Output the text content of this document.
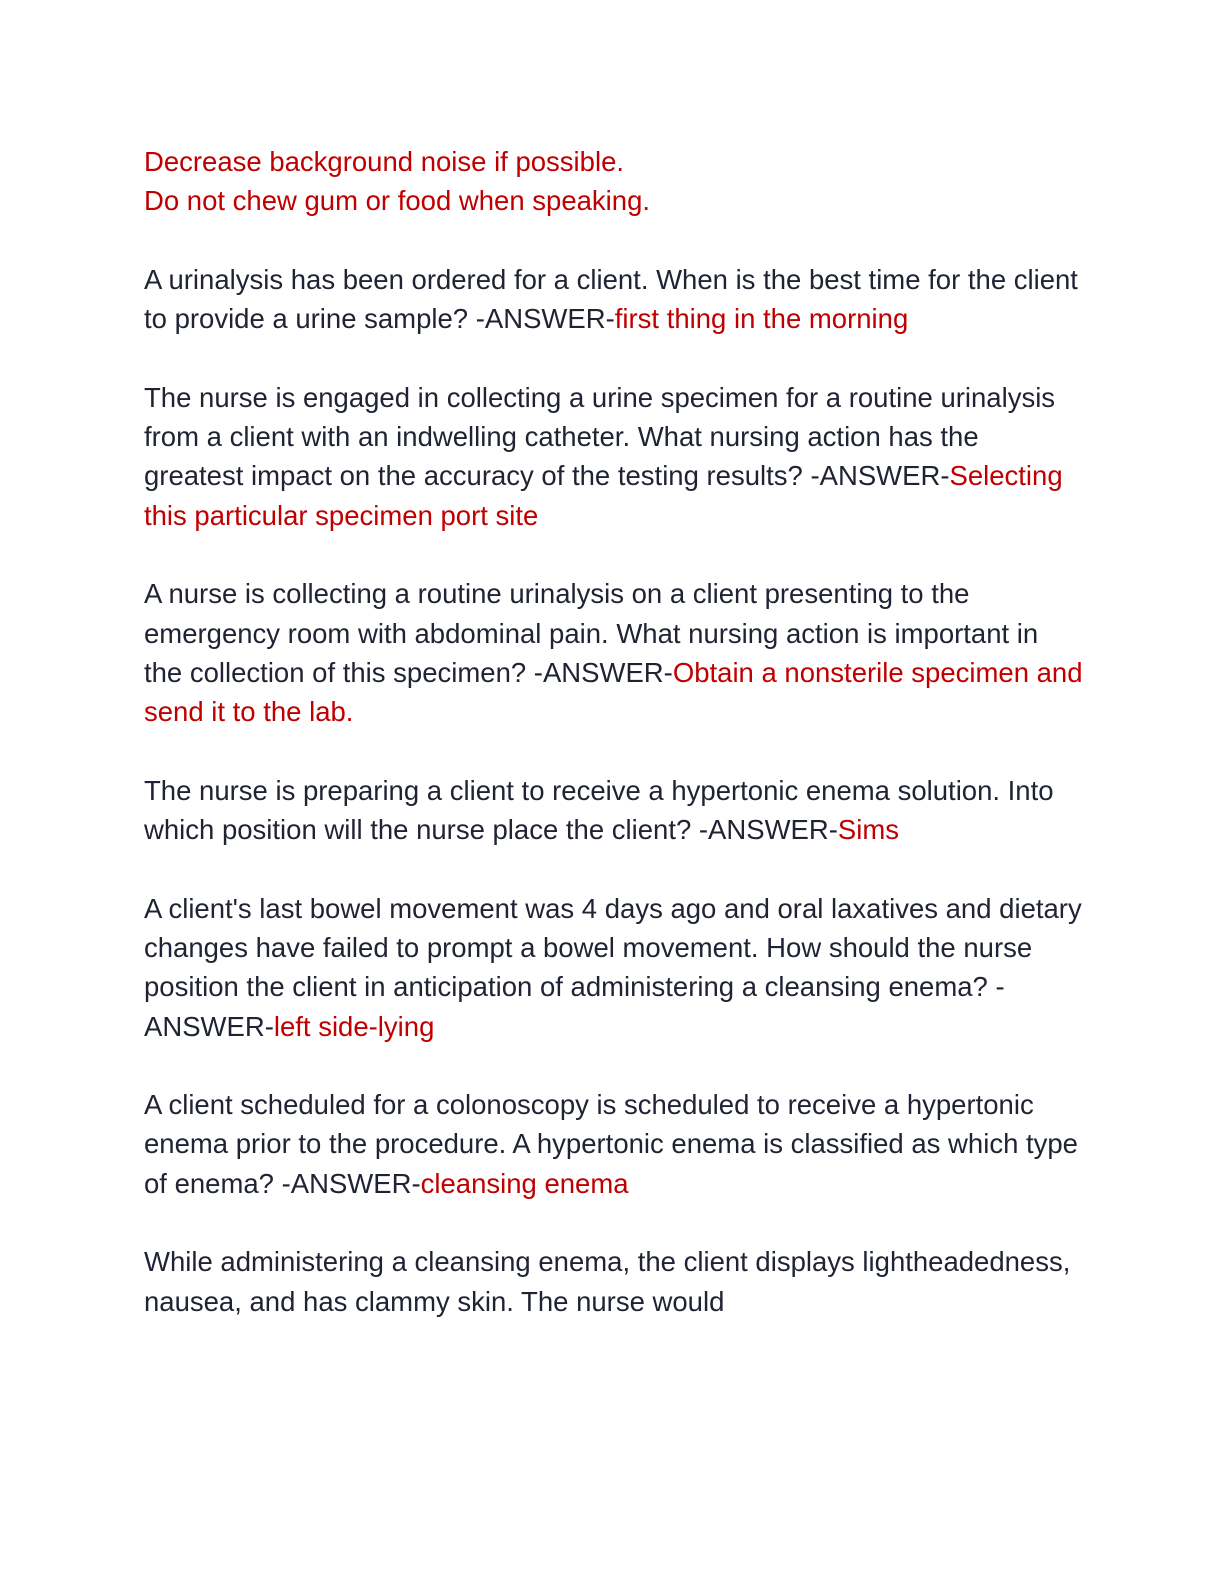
Decrease background noise if possible.
Do not chew gum or food when speaking.
A urinalysis has been ordered for a client. When is the best time for the client to provide a urine sample? -ANSWER-first thing in the morning
The nurse is engaged in collecting a urine specimen for a routine urinalysis from a client with an indwelling catheter. What nursing action has the greatest impact on the accuracy of the testing results? -ANSWER-Selecting this particular specimen port site
A nurse is collecting a routine urinalysis on a client presenting to the emergency room with abdominal pain. What nursing action is important in the collection of this specimen? -ANSWER-Obtain a nonsterile specimen and send it to the lab.
The nurse is preparing a client to receive a hypertonic enema solution. Into which position will the nurse place the client? -ANSWER-Sims
A client's last bowel movement was 4 days ago and oral laxatives and dietary changes have failed to prompt a bowel movement. How should the nurse position the client in anticipation of administering a cleansing enema? -ANSWER-left side-lying
A client scheduled for a colonoscopy is scheduled to receive a hypertonic enema prior to the procedure. A hypertonic enema is classified as which type of enema? -ANSWER-cleansing enema
While administering a cleansing enema, the client displays lightheadedness, nausea, and has clammy skin. The nurse would
